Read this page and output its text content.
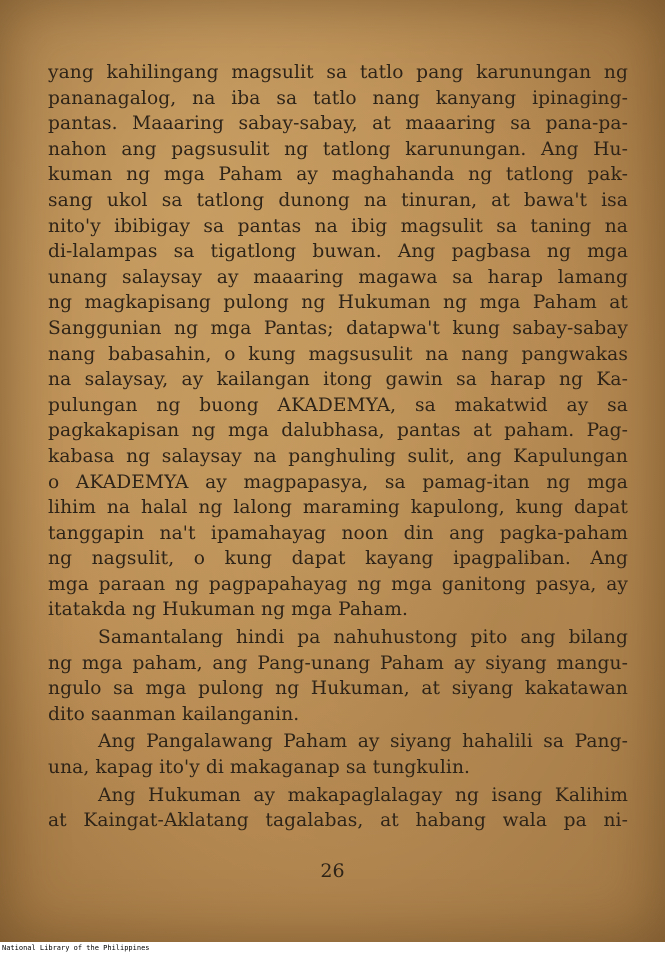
yang kahilingang magsulit sa tatlo pang karunungan ng
pananagalog, na iba sa tatlo nang kanyang ipinaging-
pantas. Maaaring sabay-sabay, at maaaring sa pana-pa-
nahon ang pagsusulit ng tatlong karunungan. Ang Hu-
kuman ng mga Paham ay maghahanda ng tatlong pak-
sang ukol sa tatlong dunong na tinuran, at bawa't isa
nito'y ibibigay sa pantas na ibig magsulit sa taning na
di-lalampas sa tigatlong buwan. Ang pagbasa ng mga
unang salaysay ay maaaring magawa sa harap lamang
ng magkapisang pulong ng Hukuman ng mga Paham at
Sanggunian ng mga Pantas; datapwa't kung sabay-sabay
nang babasahin, o kung magsusulit na nang pangwakas
na salaysay, ay kailangan itong gawin sa harap ng Ka-
pulungan ng buong AKADEMYA, sa makatwid ay sa
pagkakapisan ng mga dalubhasa, pantas at paham. Pag-
kabasa ng salaysay na panghuling sulit, ang Kapulungan
o AKADEMYA ay magpapasya, sa pamag-itan ng mga
lihim na halal ng lalong maraming kapulong, kung dapat
tanggapin na't ipamahayag noon din ang pagka-paham
ng nagsulit, o kung dapat kayang ipagpaliban. Ang
mga paraan ng pagpapahayag ng mga ganitong pasya, ay
itatakda ng Hukuman ng mga Paham.
Samantalang hindi pa nahuhustong pito ang bilang
ng mga paham, ang Pang-unang Paham ay siyang mangu-
ngulo sa mga pulong ng Hukuman, at siyang kakatawan
dito saanman kailanganin.
Ang Pangalawang Paham ay siyang hahalili sa Pang-
una, kapag ito'y di makaganap sa tungkulin.
Ang Hukuman ay makapaglalagay ng isang Kalihim
at Kaingat-Aklatang tagalabas, at habang wala pa ni-
26
National Library of the Philippines
